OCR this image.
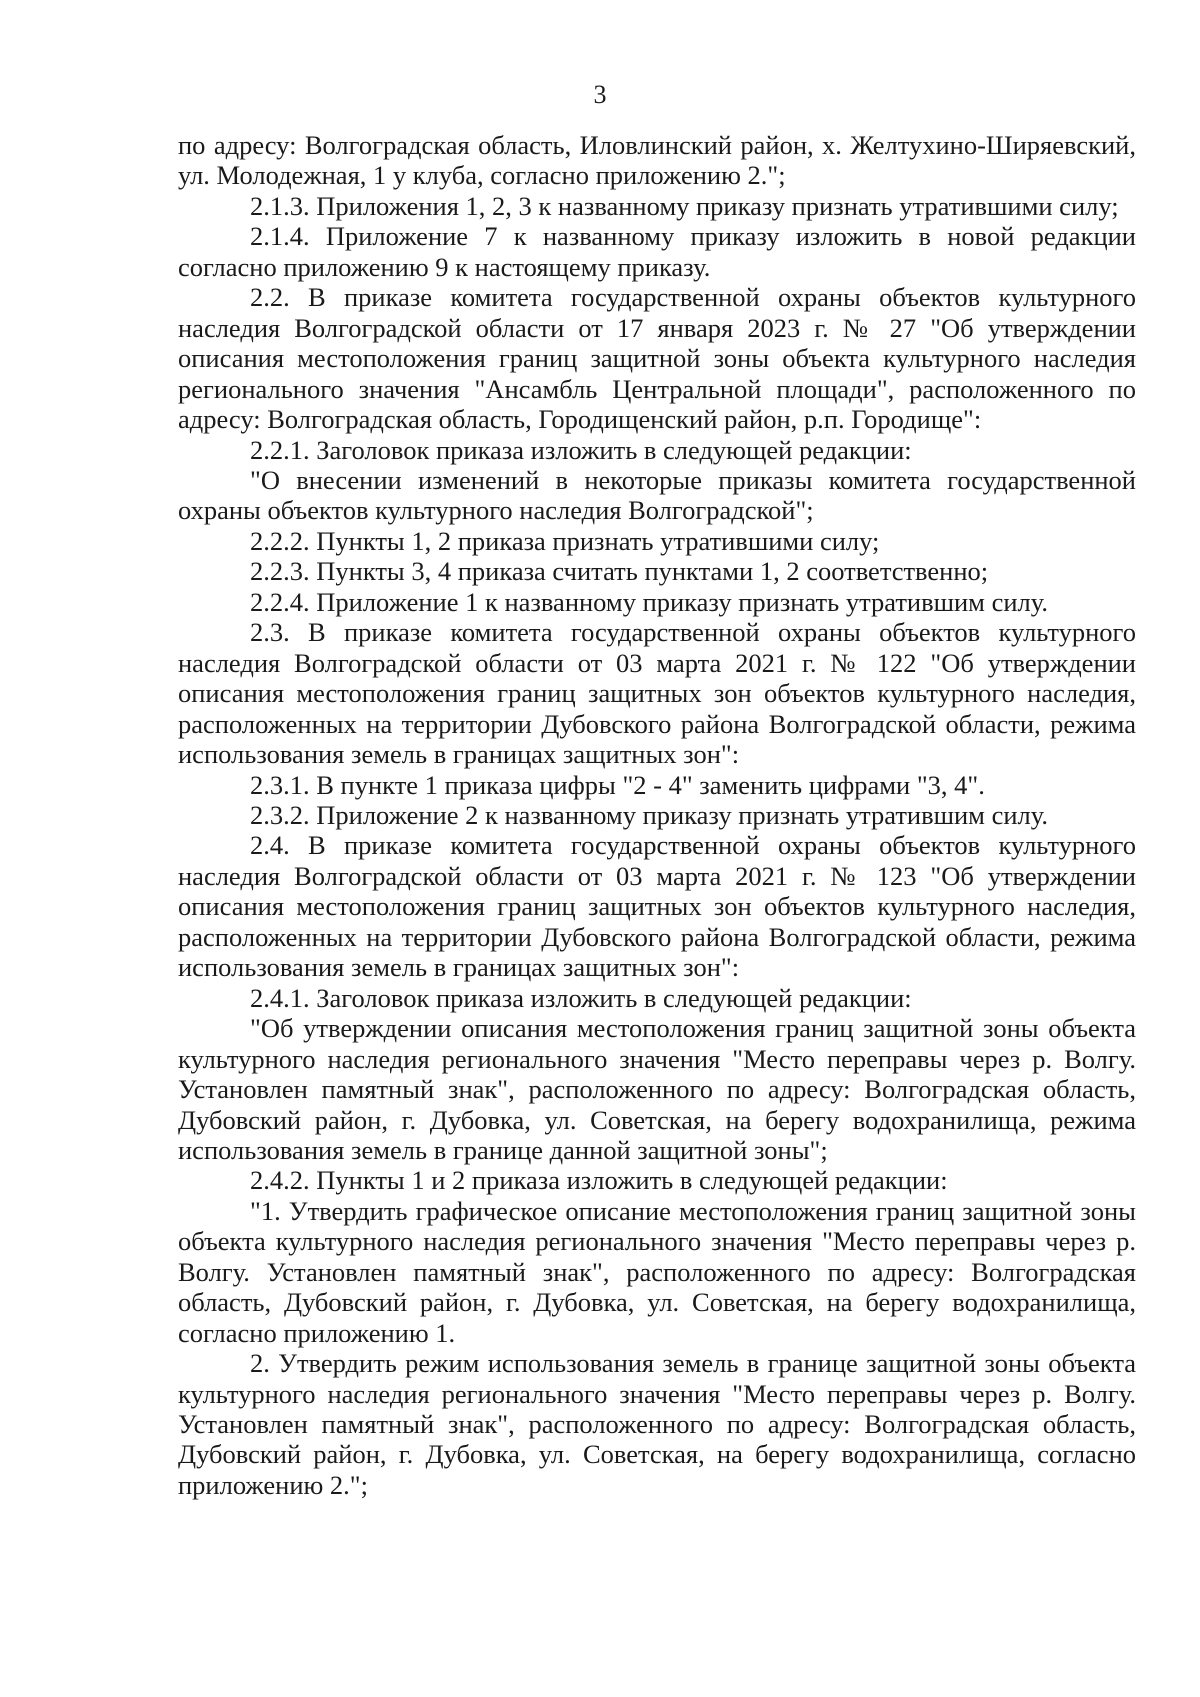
3

по адресу: Волгоградская область, Иловлинский район, х. Желтухино-Ширяевский, ул. Молодежная, 1 у клуба, согласно приложению 2.";

2.1.3. Приложения 1, 2, 3 к названному приказу признать утратившими силу;

2.1.4. Приложение 7 к названному приказу изложить в новой редакции согласно приложению 9 к настоящему приказу.

2.2. В приказе комитета государственной охраны объектов культурного наследия Волгоградской области от 17 января 2023 г. № 27 "Об утверждении описания местоположения границ защитной зоны объекта культурного наследия регионального значения "Ансамбль Центральной площади", расположенного по адресу: Волгоградская область, Городищенский район, р.п. Городище":

2.2.1. Заголовок приказа изложить в следующей редакции:

"О внесении изменений в некоторые приказы комитета государственной охраны объектов культурного наследия Волгоградской";

2.2.2. Пункты 1, 2 приказа признать утратившими силу;

2.2.3. Пункты 3, 4 приказа считать пунктами 1, 2 соответственно;

2.2.4. Приложение 1 к названному приказу признать утратившим силу.

2.3. В приказе комитета государственной охраны объектов культурного наследия Волгоградской области от 03 марта 2021 г. № 122 "Об утверждении описания местоположения границ защитных зон объектов культурного наследия, расположенных на территории Дубовского района Волгоградской области, режима использования земель в границах защитных зон":

2.3.1. В пункте 1 приказа цифры "2 - 4" заменить цифрами "3, 4".

2.3.2. Приложение 2 к названному приказу признать утратившим силу.

2.4. В приказе комитета государственной охраны объектов культурного наследия Волгоградской области от 03 марта 2021 г. № 123 "Об утверждении описания местоположения границ защитных зон объектов культурного наследия, расположенных на территории Дубовского района Волгоградской области, режима использования земель в границах защитных зон":

2.4.1. Заголовок приказа изложить в следующей редакции:

"Об утверждении описания местоположения границ защитной зоны объекта культурного наследия регионального значения "Место переправы через р. Волгу. Установлен памятный знак", расположенного по адресу: Волгоградская область, Дубовский район, г. Дубовка, ул. Советская, на берегу водохранилища, режима использования земель в границе данной защитной зоны";

2.4.2. Пункты 1 и 2 приказа изложить в следующей редакции:

"1. Утвердить графическое описание местоположения границ защитной зоны объекта культурного наследия регионального значения "Место переправы через р. Волгу. Установлен памятный знак", расположенного по адресу: Волгоградская область, Дубовский район, г. Дубовка, ул. Советская, на берегу водохранилища, согласно приложению 1.

2. Утвердить режим использования земель в границе защитной зоны объекта культурного наследия регионального значения "Место переправы через р. Волгу. Установлен памятный знак", расположенного по адресу: Волгоградская область, Дубовский район, г. Дубовка, ул. Советская, на берегу водохранилища, согласно приложению 2.";
